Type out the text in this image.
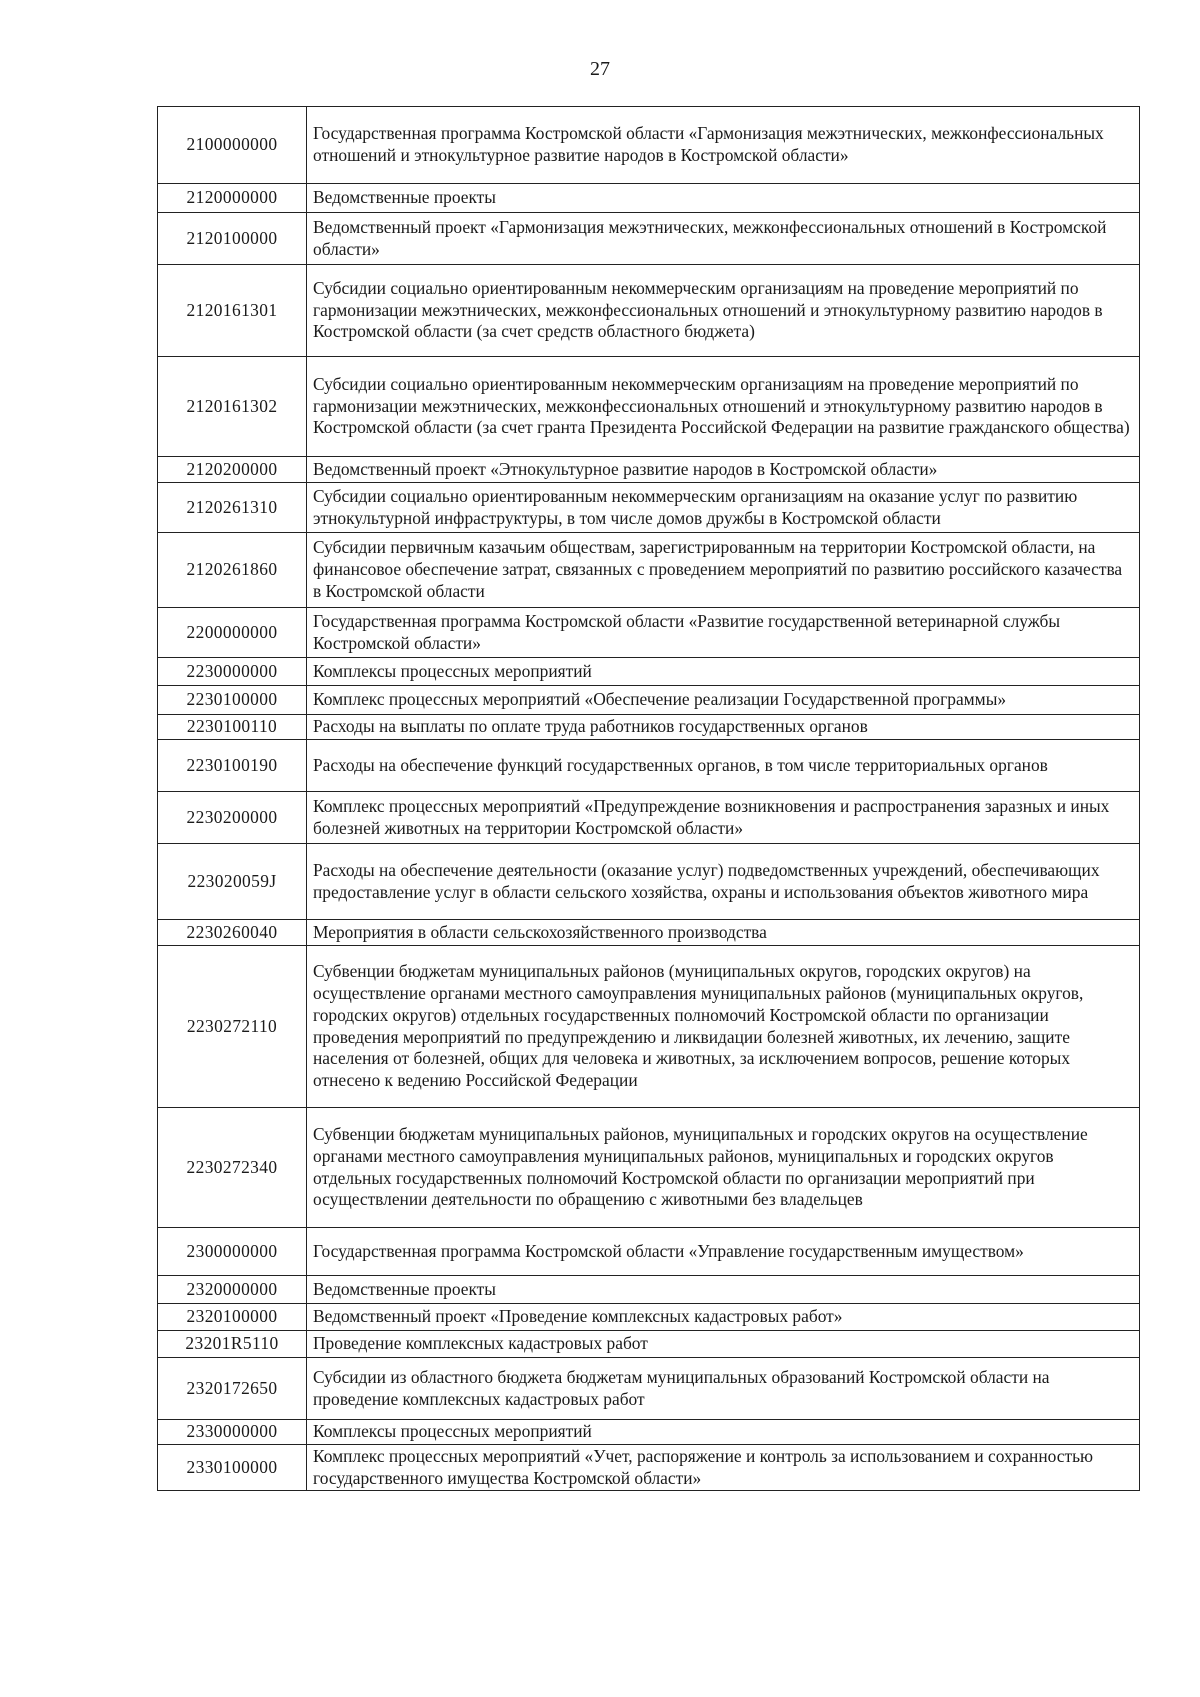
27
2100000000	Государственная программа Костромской области «Гармонизация межэтнических, межконфессиональных отношений и этнокультурное развитие народов в Костромской области»
2120000000	Ведомственные проекты
2120100000	Ведомственный проект «Гармонизация межэтнических, межконфессиональных отношений в Костромской области»
2120161301	Субсидии социально ориентированным некоммерческим организациям на проведение мероприятий по гармонизации межэтнических, межконфессиональных отношений и этнокультурному развитию народов в Костромской области (за счет средств областного бюджета)
2120161302	Субсидии социально ориентированным некоммерческим организациям на проведение мероприятий по гармонизации межэтнических, межконфессиональных отношений и этнокультурному развитию народов в Костромской области (за счет гранта Президента Российской Федерации на развитие гражданского общества)
2120200000	Ведомственный проект «Этнокультурное развитие народов в Костромской области»
2120261310	Субсидии социально ориентированным некоммерческим организациям на оказание услуг по развитию этнокультурной инфраструктуры, в том числе домов дружбы в Костромской области
2120261860	Субсидии первичным казачьим обществам, зарегистрированным на территории Костромской области, на финансовое обеспечение затрат, связанных с проведением мероприятий по развитию российского казачества в Костромской области
2200000000	Государственная программа Костромской области «Развитие государственной ветеринарной службы Костромской области»
2230000000	Комплексы процессных мероприятий
2230100000	Комплекс процессных мероприятий «Обеспечение реализации Государственной программы»
2230100110	Расходы на выплаты по оплате труда работников государственных органов
2230100190	Расходы на обеспечение функций государственных органов, в том числе территориальных органов
2230200000	Комплекс процессных мероприятий «Предупреждение возникновения и распространения заразных и иных болезней животных на территории Костромской области»
223020059J	Расходы на обеспечение деятельности (оказание услуг) подведомственных учреждений, обеспечивающих предоставление услуг в области сельского хозяйства, охраны и использования объектов животного мира
2230260040	Мероприятия в области сельскохозяйственного производства
2230272110	Субвенции бюджетам муниципальных районов (муниципальных округов, городских округов) на осуществление органами местного самоуправления муниципальных районов (муниципальных округов, городских округов) отдельных государственных полномочий Костромской области по организации проведения мероприятий по предупреждению и ликвидации болезней животных, их лечению, защите населения от болезней, общих для человека и животных, за исключением вопросов, решение которых отнесено к ведению Российской Федерации
2230272340	Субвенции бюджетам муниципальных районов, муниципальных и городских округов на осуществление органами местного самоуправления муниципальных районов, муниципальных и городских округов отдельных государственных полномочий Костромской области по организации мероприятий при осуществлении деятельности по обращению с животными без владельцев
2300000000	Государственная программа Костромской области «Управление государственным имуществом»
2320000000	Ведомственные проекты
2320100000	Ведомственный проект «Проведение комплексных кадастровых работ»
23201R5110	Проведение комплексных кадастровых работ
2320172650	Субсидии из областного бюджета бюджетам муниципальных образований Костромской области на проведение комплексных кадастровых работ
2330000000	Комплексы процессных мероприятий
2330100000	Комплекс процессных мероприятий «Учет, распоряжение и контроль за использованием и сохранностью государственного имущества Костромской области»
